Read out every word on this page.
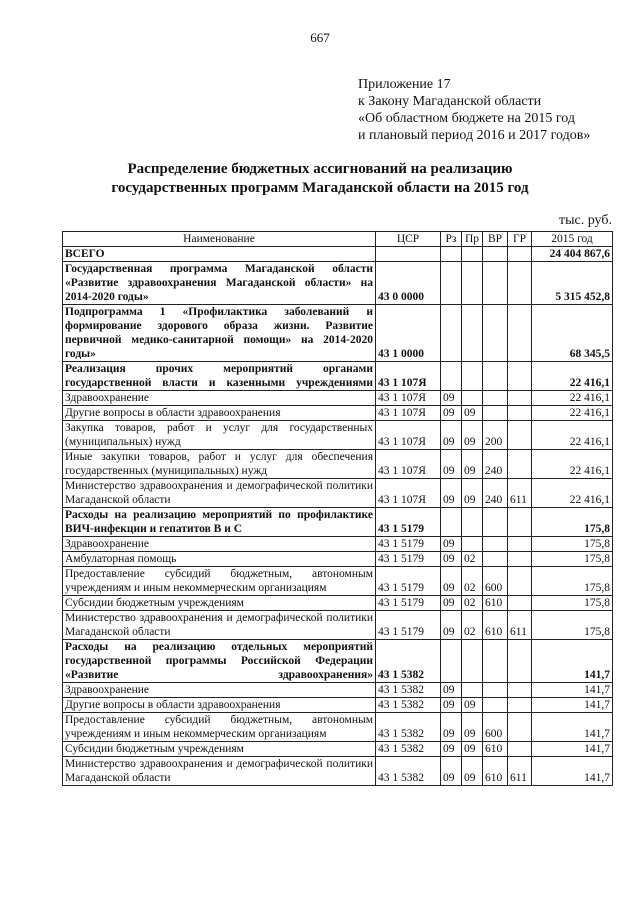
667
Приложение 17
к Закону Магаданской области
«Об областном бюджете на 2015 год
и плановый период 2016 и 2017 годов»
Распределение бюджетных ассигнований на реализацию
государственных программ Магаданской области на 2015 год
тыс. руб.
Наименование	ЦСР	Рз	Пр	ВР	ГР	2015 год
ВСЕГО						24 404 867,6
Государственная программа Магаданской области «Развитие здравоохранения Магаданской области» на 2014-2020 годы»	43 0 0000					5 315 452,8
Подпрограмма 1 «Профилактика заболеваний и формирование здорового образа жизни. Развитие первичной медико-санитарной помощи» на 2014-2020 годы»	43 1 0000					68 345,5
Реализация прочих мероприятий органами государственной власти и казенными учреждениями	43 1 107Я					22 416,1
Здравоохранение	43 1 107Я	09				22 416,1
Другие вопросы в области здравоохранения	43 1 107Я	09	09			22 416,1
Закупка товаров, работ и услуг для государственных (муниципальных) нужд	43 1 107Я	09	09	200		22 416,1
Иные закупки товаров, работ и услуг для обеспечения государственных (муниципальных) нужд	43 1 107Я	09	09	240		22 416,1
Министерство здравоохранения и демографической политики Магаданской области	43 1 107Я	09	09	240	611	22 416,1
Расходы на реализацию мероприятий по профилактике ВИЧ-инфекции и гепатитов В и С	43 1 5179					175,8
Здравоохранение	43 1 5179	09				175,8
Амбулаторная помощь	43 1 5179	09	02			175,8
Предоставление субсидий бюджетным, автономным учреждениям и иным некоммерческим организациям	43 1 5179	09	02	600		175,8
Субсидии бюджетным учреждениям	43 1 5179	09	02	610		175,8
Министерство здравоохранения и демографической политики Магаданской области	43 1 5179	09	02	610	611	175,8
Расходы на реализацию отдельных мероприятий государственной программы Российской Федерации «Развитие здравоохранения»	43 1 5382					141,7
Здравоохранение	43 1 5382	09				141,7
Другие вопросы в области здравоохранения	43 1 5382	09	09			141,7
Предоставление субсидий бюджетным, автономным учреждениям и иным некоммерческим организациям	43 1 5382	09	09	600		141,7
Субсидии бюджетным учреждениям	43 1 5382	09	09	610		141,7
Министерство здравоохранения и демографической политики Магаданской области	43 1 5382	09	09	610	611	141,7
